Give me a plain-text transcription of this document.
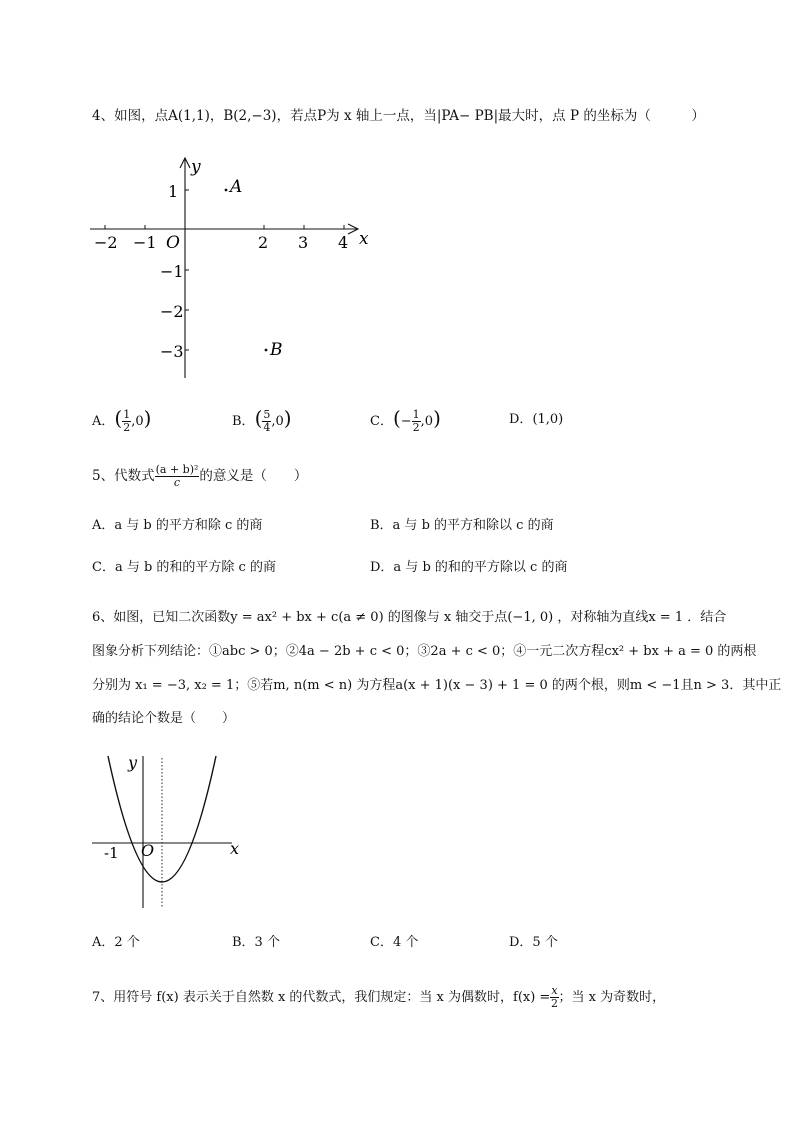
4、如图，点A(1,1)，B(2,−3)，若点P为 x 轴上一点，当|PA− PB|最大时，点 P 的坐标为（　　　）
y
x
O
−2 −1	2 3 4
1
−1
−2
−3
A
B
A．( $\frac{1}{2} ,0$)	B．( $\frac{5}{4} ,0$)	C．(− $\frac{1}{2} ,0$)	D．(1,0)
5、代数式 $\frac{\text{(a + b)²}}{c}$ 的意义是（　　）
A．a 与 b 的平方和除 c 的商	B．a 与 b 的平方和除以 c 的商
C．a 与 b 的和的平方除 c 的商	D．a 与 b 的和的平方除以 c 的商
6、如图，已知二次函数y = ax² + bx + c(a ≠ 0) 的图像与 x 轴交于点(−1, 0) ，对称轴为直线x = 1 ．结合
图象分析下列结论：①abc > 0；②4a − 2b + c < 0；③2a + c < 0；④一元二次方程cx² + bx + a = 0 的两根
分别为 x₁ = −3, x₂ = 1；⑤若m, n(m < n) 为方程a(x + 1)(x − 3) + 1 = 0 的两个根，则m < −1且n > 3．其中正
确的结论个数是（　　）
y
x
O
-1
A．2 个	B．3 个	C．4 个	D．5 个
7、用符号 f(x) 表示关于自然数 x 的代数式，我们规定：当 x 为偶数时，$f(x) = \frac{x}{2}$ ；当 x 为奇数时，
